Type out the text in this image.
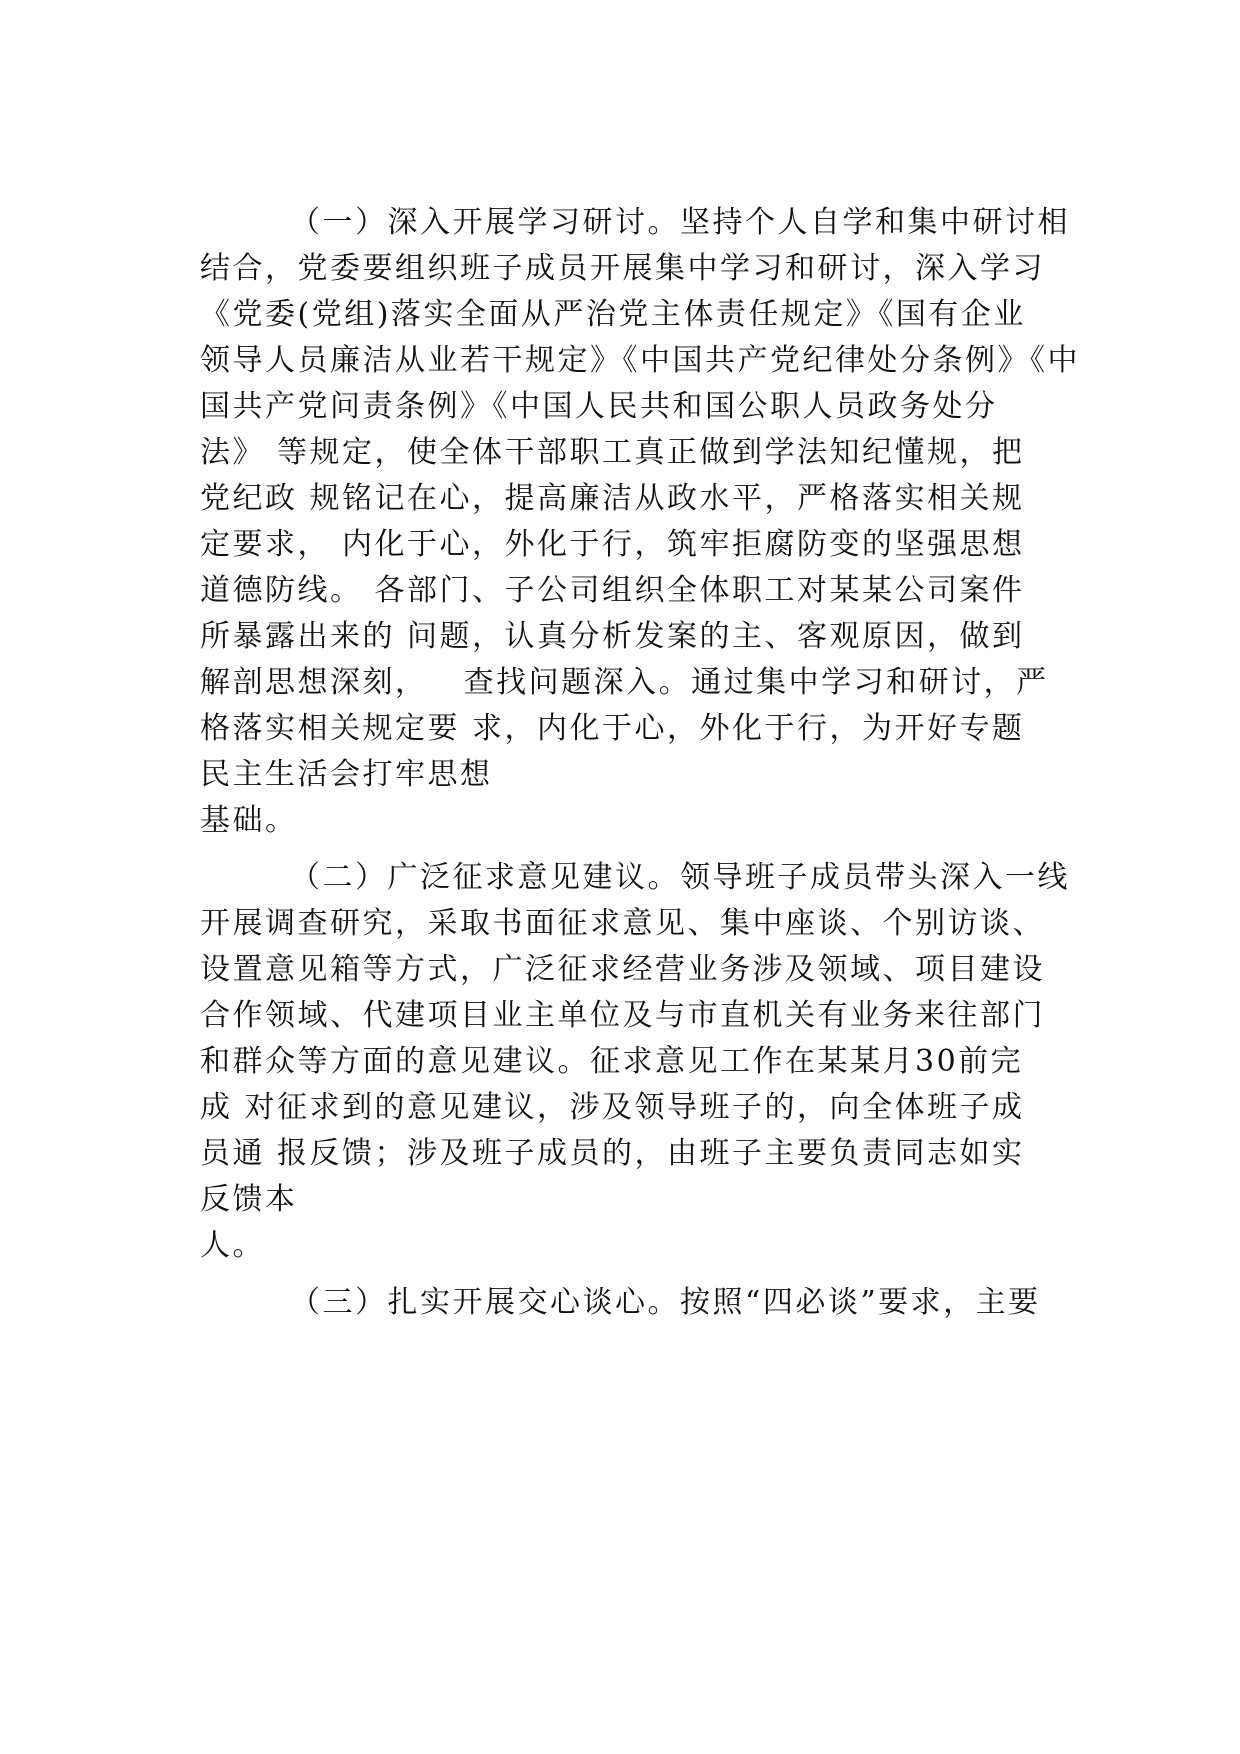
（一）深入开展学习研讨。坚持个人自学和集中研讨相
结合，党委要组织班子成员开展集中学习和研讨，深入学习
《党委(党组)落实全面从严治党主体责任规定》《国有企业
领导人员廉洁从业若干规定》《中国共产党纪律处分条例》《中
国共产党问责条例》《中国人民共和国公职人员政务处分
法》 等规定，使全体干部职工真正做到学法知纪懂规，把
党纪政 规铭记在心，提高廉洁从政水平，严格落实相关规
定要求， 内化于心，外化于行，筑牢拒腐防变的坚强思想
道德防线。 各部门、子公司组织全体职工对某某公司案件
所暴露出来的 问题，认真分析发案的主、客观原因，做到
解剖思想深刻，   查找问题深入。通过集中学习和研讨，严
格落实相关规定要 求，内化于心，外化于行，为开好专题
民主生活会打牢思想
基础。
（二）广泛征求意见建议。领导班子成员带头深入一线
开展调查研究，采取书面征求意见、集中座谈、个别访谈、
设置意见箱等方式，广泛征求经营业务涉及领域、项目建设
合作领域、代建项目业主单位及与市直机关有业务来往部门
和群众等方面的意见建议。征求意见工作在某某月30前完
成 对征求到的意见建议，涉及领导班子的，向全体班子成
员通 报反馈；涉及班子成员的，由班子主要负责同志如实
反馈本
人。
（三）扎实开展交心谈心。按照“四必谈”要求，主要
